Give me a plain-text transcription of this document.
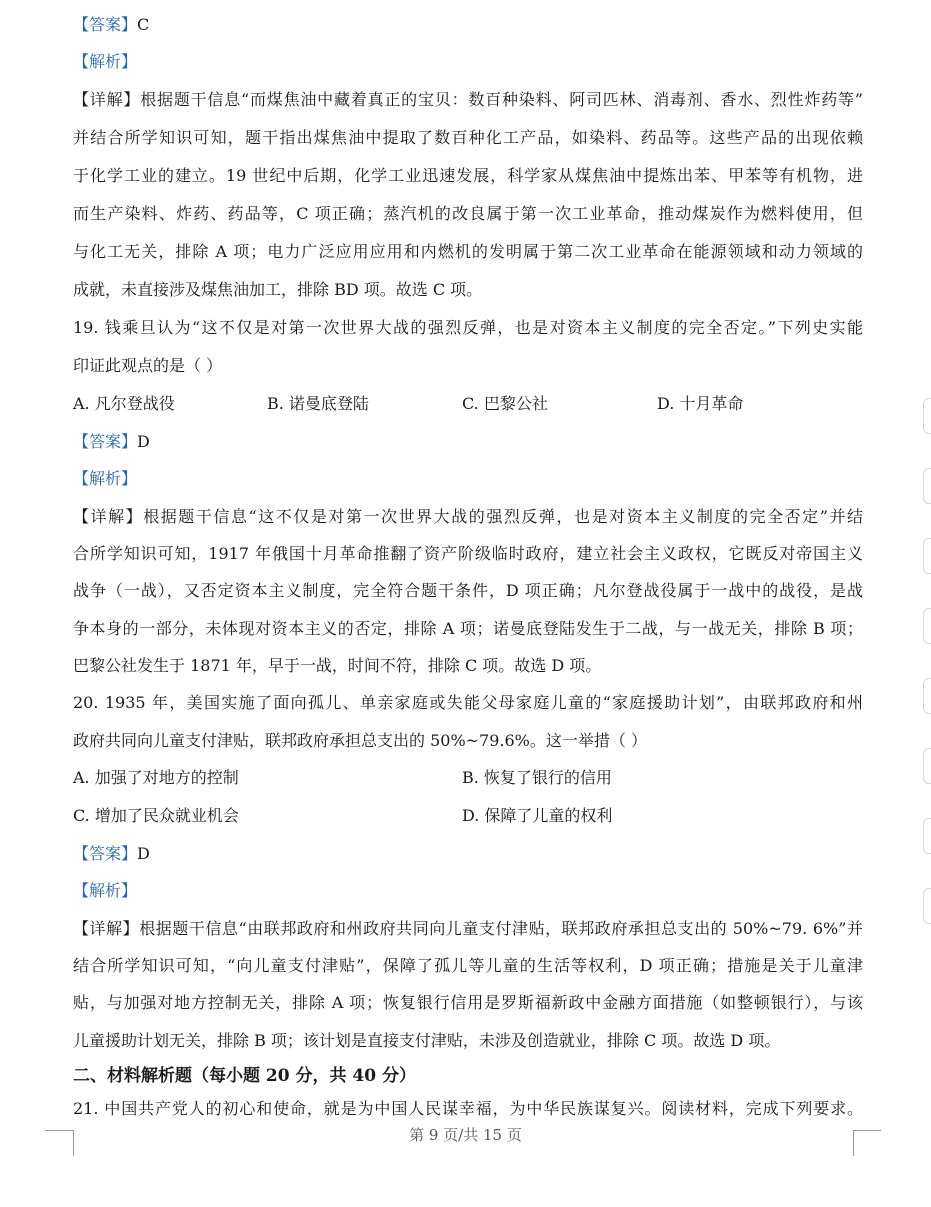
【答案】C
【解析】
【详解】根据题干信息“而煤焦油中藏着真正的宝贝：数百种染料、阿司匹林、消毒剂、香水、烈性炸药等”
并结合所学知识可知，题干指出煤焦油中提取了数百种化工产品，如染料、药品等。这些产品的出现依赖
于化学工业的建立。19 世纪中后期，化学工业迅速发展，科学家从煤焦油中提炼出苯、甲苯等有机物，进
而生产染料、炸药、药品等，C 项正确；蒸汽机的改良属于第一次工业革命，推动煤炭作为燃料使用，但
与化工无关，排除 A 项；电力广泛应用应用和内燃机的发明属于第二次工业革命在能源领域和动力领域的
成就，未直接涉及煤焦油加工，排除 BD 项。故选 C 项。
19. 钱乘旦认为“这不仅是对第一次世界大战的强烈反弹，也是对资本主义制度的完全否定。”下列史实能
印证此观点的是（ ）
A. 凡尔登战役	B. 诺曼底登陆	C. 巴黎公社	D. 十月革命
【答案】D
【解析】
【详解】根据题干信息“这不仅是对第一次世界大战的强烈反弹，也是对资本主义制度的完全否定”并结
合所学知识可知，1917 年俄国十月革命推翻了资产阶级临时政府，建立社会主义政权，它既反对帝国主义
战争（一战），又否定资本主义制度，完全符合题干条件，D 项正确；凡尔登战役属于一战中的战役，是战
争本身的一部分，未体现对资本主义的否定，排除 A 项；诺曼底登陆发生于二战，与一战无关，排除 B 项；
巴黎公社发生于 1871 年，早于一战，时间不符，排除 C 项。故选 D 项。
20. 1935 年，美国实施了面向孤儿、单亲家庭或失能父母家庭儿童的“家庭援助计划”，由联邦政府和州
政府共同向儿童支付津贴，联邦政府承担总支出的 50%~79.6%。这一举措（ ）
A. 加强了对地方的控制	B. 恢复了银行的信用
C. 增加了民众就业机会	D. 保障了儿童的权利
【答案】D
【解析】
【详解】根据题干信息“由联邦政府和州政府共同向儿童支付津贴，联邦政府承担总支出的 50%~79. 6%”并
结合所学知识可知，“向儿童支付津贴”，保障了孤儿等儿童的生活等权利，D 项正确；措施是关于儿童津
贴，与加强对地方控制无关，排除 A 项；恢复银行信用是罗斯福新政中金融方面措施（如整顿银行），与该
儿童援助计划无关，排除 B 项；该计划是直接支付津贴，未涉及创造就业，排除 C 项。故选 D 项。
二、材料解析题（每小题 20 分，共 40 分）
21. 中国共产党人的初心和使命，就是为中国人民谋幸福，为中华民族谋复兴。阅读材料，完成下列要求。
第 9 页/共 15 页
